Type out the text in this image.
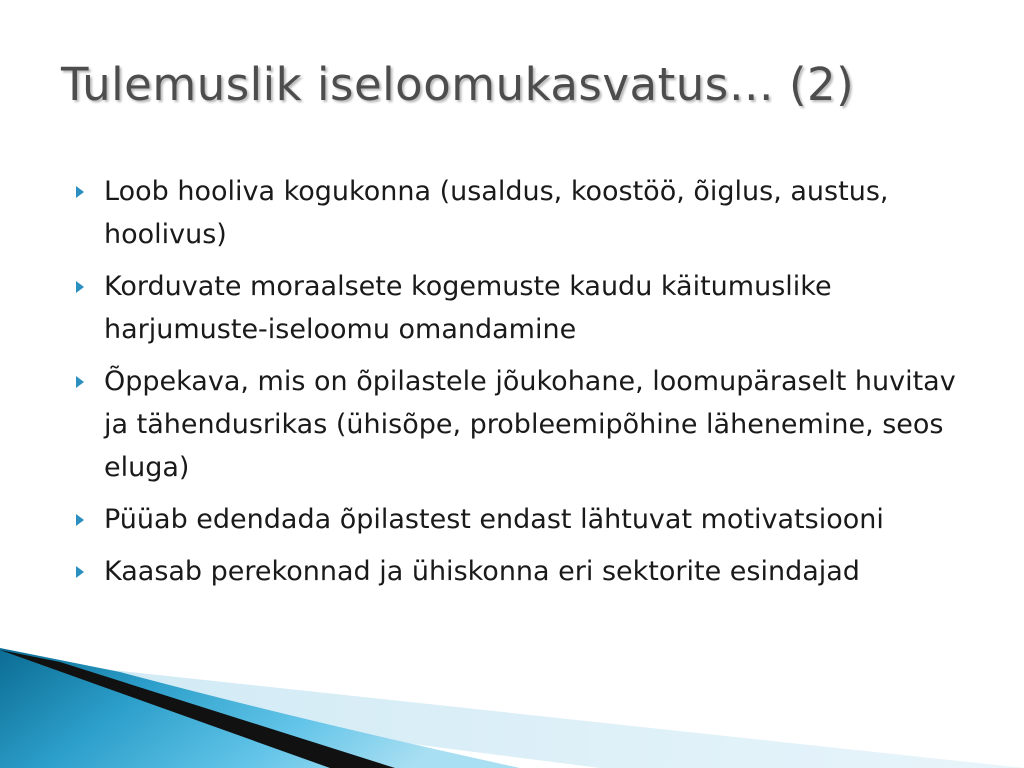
Tulemuslik iseloomukasvatus… (2)
Loob hooliva kogukonna (usaldus, koostöö, õiglus, austus, hoolivus)
Korduvate moraalsete kogemuste kaudu käitumuslike harjumuste-iseloomu omandamine
Õppekava, mis on õpilastele jõukohane, loomupäraselt huvitav ja tähendusrikas (ühisõpe, probleemipõhine lähenemine, seos eluga)
Püüab edendada õpilastest endast lähtuvat motivatsiooni
Kaasab perekonnad ja ühiskonna eri sektorite esindajad
